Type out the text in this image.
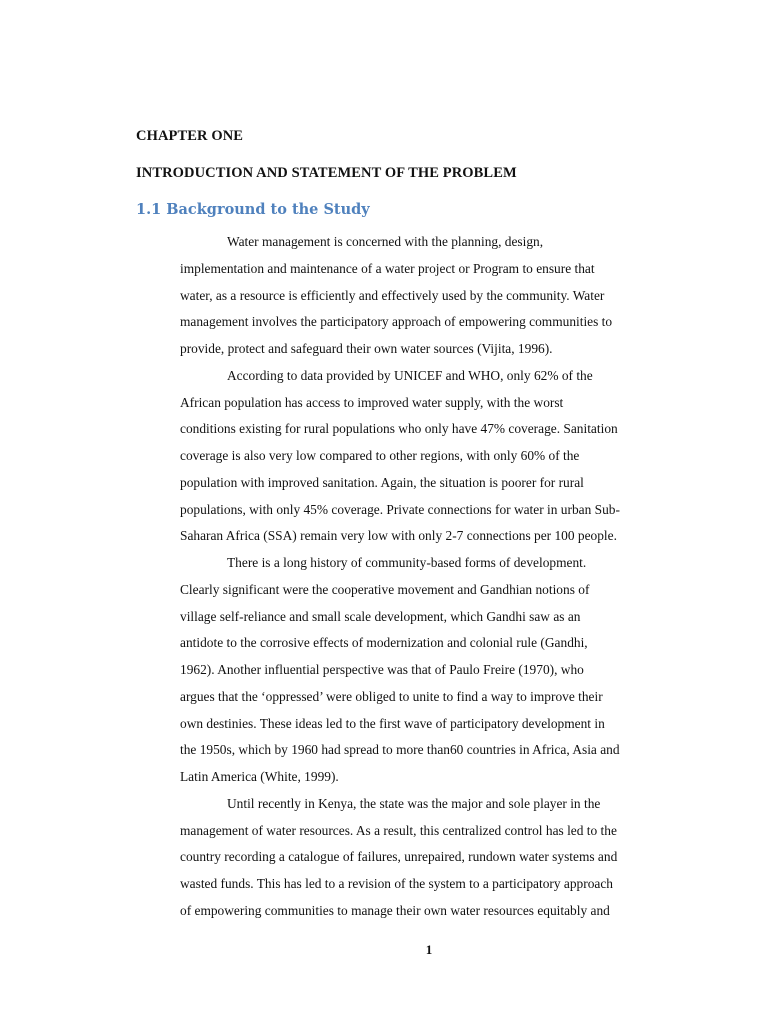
CHAPTER ONE
INTRODUCTION AND STATEMENT OF THE PROBLEM
1.1 Background to the Study
Water management is concerned with the planning, design,
implementation and maintenance of a water project or Program to ensure that
water, as a resource is efficiently and effectively used by the community. Water
management involves the participatory approach of empowering communities to
provide, protect and safeguard their own water sources (Vijita, 1996).
According to data provided by UNICEF and WHO, only 62% of the
African population has access to improved water supply, with the worst
conditions existing for rural populations who only have 47% coverage. Sanitation
coverage is also very low compared to other regions, with only 60% of the
population with improved sanitation. Again, the situation is poorer for rural
populations, with only 45% coverage. Private connections for water in urban Sub-
Saharan Africa (SSA) remain very low with only 2-7 connections per 100 people.
There is a long history of community-based forms of development.
Clearly significant were the cooperative movement and Gandhian notions of
village self-reliance and small scale development, which Gandhi saw as an
antidote to the corrosive effects of modernization and colonial rule (Gandhi,
1962). Another influential perspective was that of Paulo Freire (1970), who
argues that the ‘oppressed’ were obliged to unite to find a way to improve their
own destinies. These ideas led to the first wave of participatory development in
the 1950s, which by 1960 had spread to more than60 countries in Africa, Asia and
Latin America (White, 1999).
Until recently in Kenya, the state was the major and sole player in the
management of water resources. As a result, this centralized control has led to the
country recording a catalogue of failures, unrepaired, rundown water systems and
wasted funds. This has led to a revision of the system to a participatory approach
of empowering communities to manage their own water resources equitably and
1
